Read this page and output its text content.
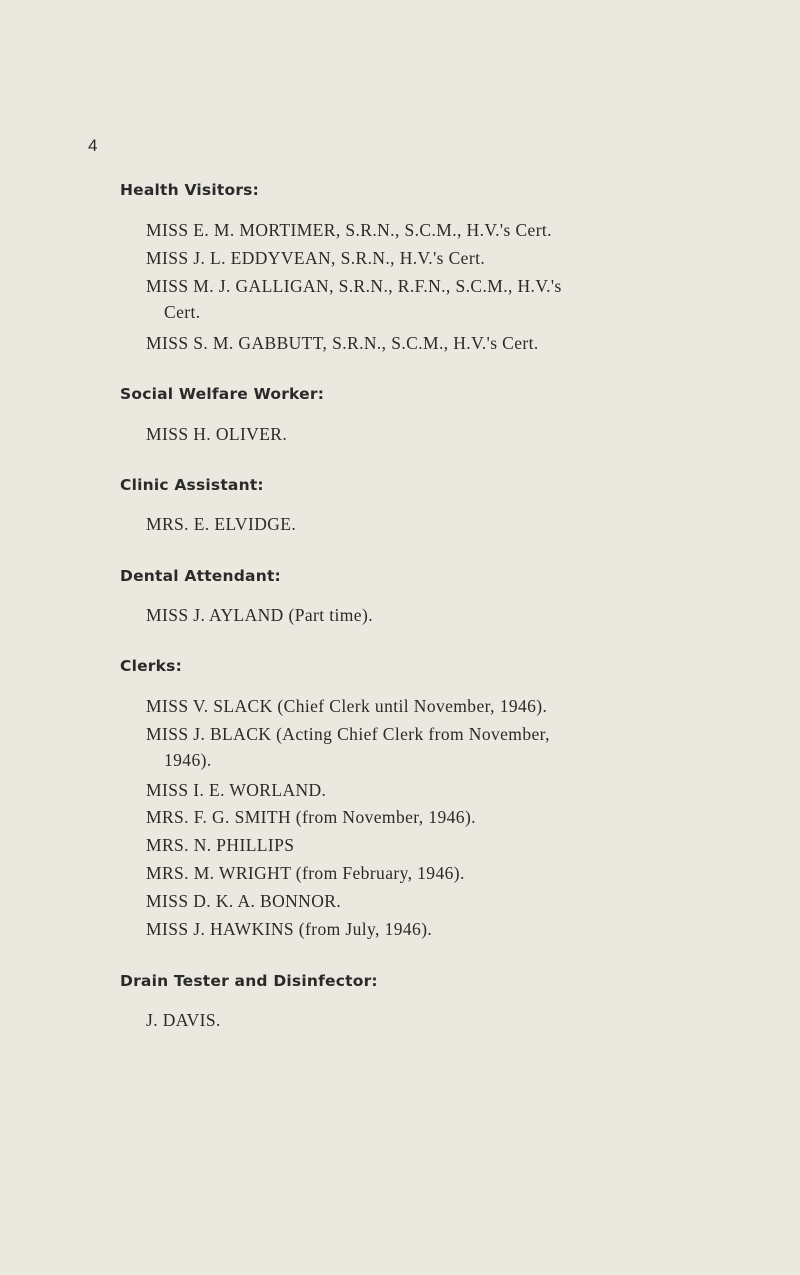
4
Health Visitors:
MISS E. M. MORTIMER, S.R.N., S.C.M., H.V.'s Cert.
MISS J. L. EDDYVEAN, S.R.N., H.V.'s Cert.
MISS M. J. GALLIGAN, S.R.N., R.F.N., S.C.M., H.V.'s
Cert.
MISS S. M. GABBUTT, S.R.N., S.C.M., H.V.'s Cert.
Social Welfare Worker:
MISS H. OLIVER.
Clinic Assistant:
MRS. E. ELVIDGE.
Dental Attendant:
MISS J. AYLAND (Part time).
Clerks:
MISS V. SLACK (Chief Clerk until November, 1946).
MISS J. BLACK (Acting Chief Clerk from November,
1946).
MISS I. E. WORLAND.
MRS. F. G. SMITH (from November, 1946).
MRS. N. PHILLIPS
MRS. M. WRIGHT (from February, 1946).
MISS D. K. A. BONNOR.
MISS J. HAWKINS (from July, 1946).
Drain Tester and Disinfector:
J. DAVIS.
